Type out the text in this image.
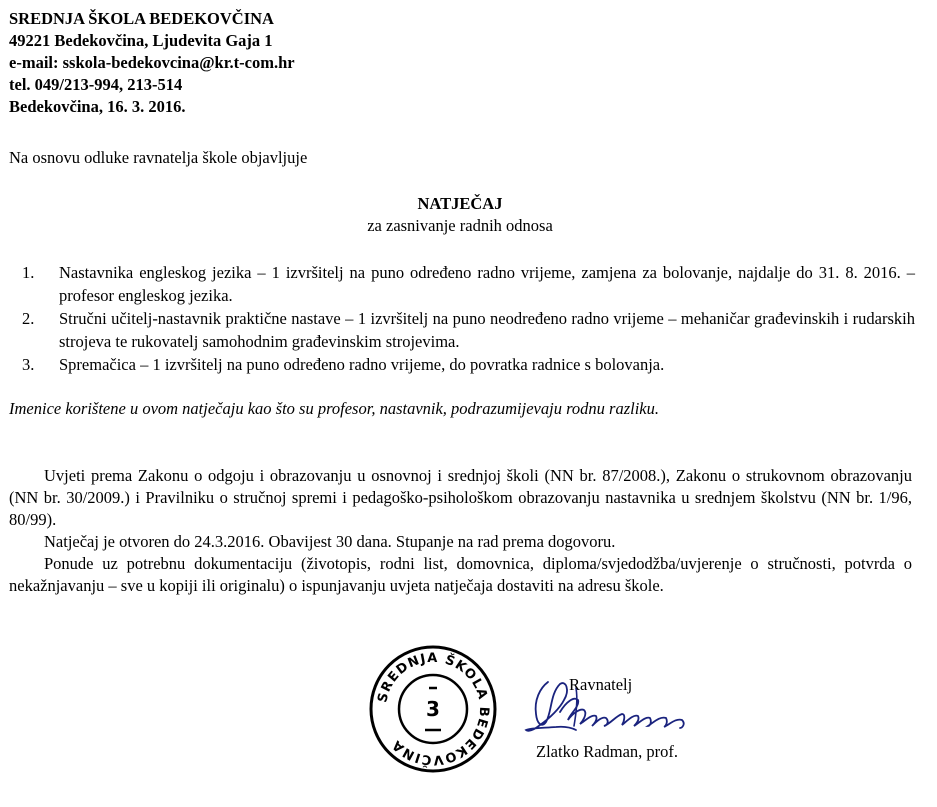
SREDNJA ŠKOLA BEDEKOVČINA
49221 Bedekovčina, Ljudevita Gaja 1
e-mail: sskola-bedekovcina@kr.t-com.hr
tel. 049/213-994, 213-514
Bedekovčina, 16. 3. 2016.
Na osnovu odluke ravnatelja škole objavljuje
NATJEČAJ
za zasnivanje radnih odnosa
1. Nastavnika engleskog jezika – 1 izvršitelj na puno određeno radno vrijeme, zamjena za bolovanje, najdalje do 31. 8. 2016. – profesor engleskog jezika.
2. Stručni učitelj-nastavnik praktične nastave – 1 izvršitelj na puno neodređeno radno vrijeme – mehaničar građevinskih i rudarskih strojeva te rukovatelj samohodnim građevinskim strojevima.
3. Spremačica – 1 izvršitelj na puno određeno radno vrijeme, do povratka radnice s bolovanja.
Imenice korištene u ovom natječaju kao što su profesor, nastavnik, podrazumijevaju rodnu razliku.

Uvjeti prema Zakonu o odgoju i obrazovanju u osnovnoj i srednjoj školi (NN br. 87/2008.), Zakonu o strukovnom obrazovanju (NN br. 30/2009.) i Pravilniku o stručnoj spremi i pedagoško-psihološkom obrazovanju nastavnika u srednjem školstvu (NN br. 1/96, 80/99).

Natječaj je otvoren do 24.3.2016. Obavijest 30 dana. Stupanje na rad prema dogovoru.

Ponude uz potrebnu dokumentaciju (životopis, rodni list, domovnica, diploma/svjedodžba/uvjerenje o stručnosti, potvrda o nekažnjavanju – sve u kopiji ili originalu) o ispunjavanju uvjeta natječaja dostaviti na adresu škole.

SREDNJA ŠKOLA BEDEKOVČINA
3
Ravnatelj
Zlatko Radman, prof.
